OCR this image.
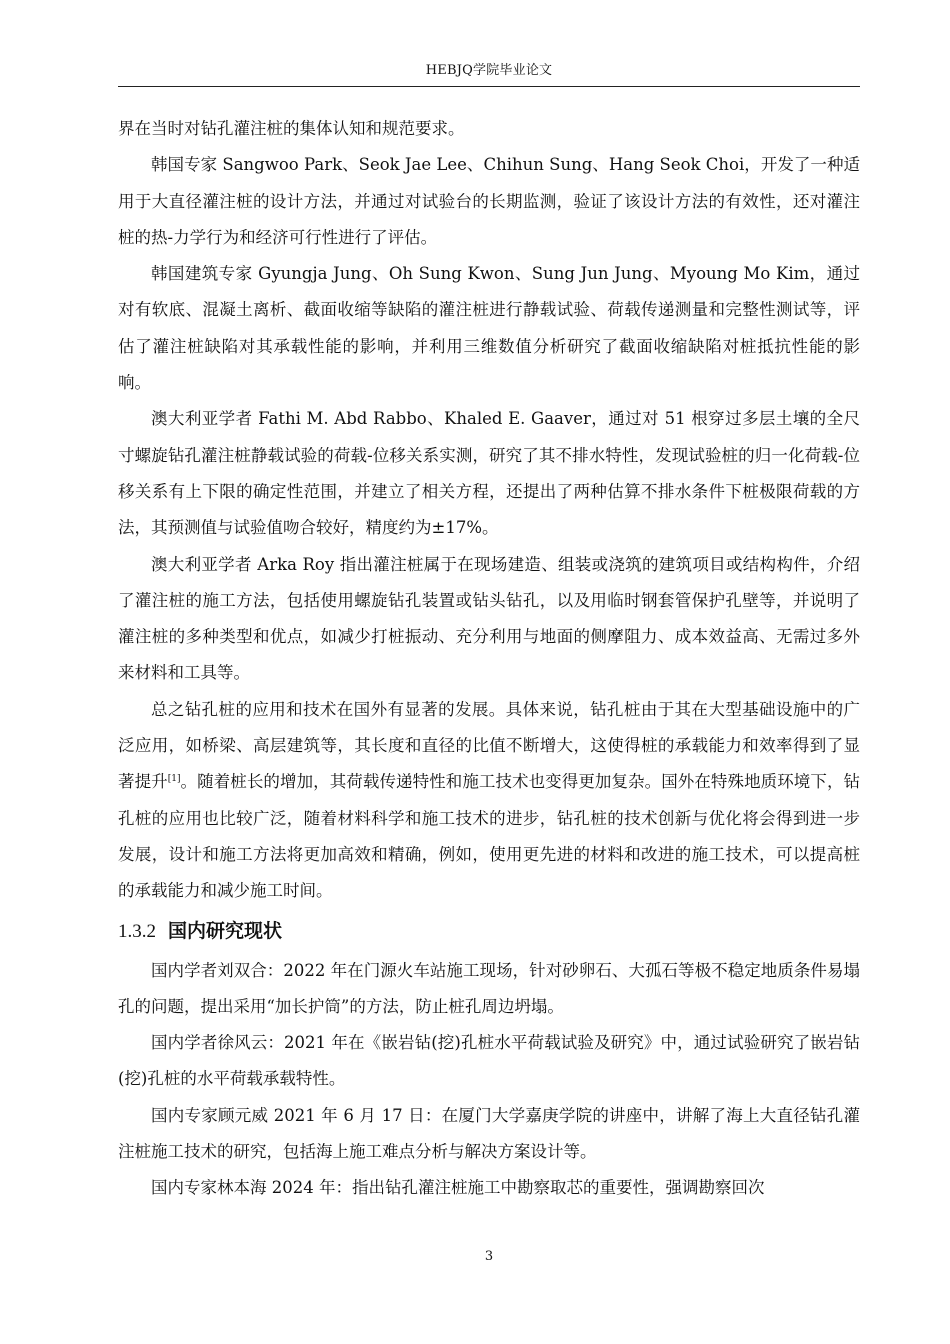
HEBJQ学院毕业论文

界在当时对钻孔灌注桩的集体认知和规范要求。

韩国专家 Sangwoo Park、Seok Jae Lee、Chihun Sung、Hang Seok Choi，开发了一种适用于大直径灌注桩的设计方法，并通过对试验台的长期监测，验证了该设计方法的有效性，还对灌注桩的热-力学行为和经济可行性进行了评估。

韩国建筑专家 Gyungja Jung、Oh Sung Kwon、Sung Jun Jung、Myoung Mo Kim，通过对有软底、混凝土离析、截面收缩等缺陷的灌注桩进行静载试验、荷载传递测量和完整性测试等，评估了灌注桩缺陷对其承载性能的影响，并利用三维数值分析研究了截面收缩缺陷对桩抵抗性能的影响。

澳大利亚学者 Fathi M. Abd Rabbo、Khaled E. Gaaver，通过对 51 根穿过多层土壤的全尺寸螺旋钻孔灌注桩静载试验的荷载-位移关系实测，研究了其不排水特性，发现试验桩的归一化荷载-位移关系有上下限的确定性范围，并建立了相关方程，还提出了两种估算不排水条件下桩极限荷载的方法，其预测值与试验值吻合较好，精度约为±17%。

澳大利亚学者 Arka Roy 指出灌注桩属于在现场建造、组装或浇筑的建筑项目或结构构件，介绍了灌注桩的施工方法，包括使用螺旋钻孔装置或钻头钻孔，以及用临时钢套管保护孔壁等，并说明了灌注桩的多种类型和优点，如减少打桩振动、充分利用与地面的侧摩阻力、成本效益高、无需过多外来材料和工具等。

总之钻孔桩的应用和技术在国外有显著的发展。具体来说，钻孔桩由于其在大型基础设施中的广泛应用，如桥梁、高层建筑等，其长度和直径的比值不断增大，这使得桩的承载能力和效率得到了显著提升[1]。随着桩长的增加，其荷载传递特性和施工技术也变得更加复杂。国外在特殊地质环境下，钻孔桩的应用也比较广泛，随着材料科学和施工技术的进步，钻孔桩的技术创新与优化将会得到进一步发展，设计和施工方法将更加高效和精确，例如，使用更先进的材料和改进的施工技术，可以提高桩的承载能力和减少施工时间。

1.3.2 国内研究现状

国内学者刘双合：2022 年在门源火车站施工现场，针对砂卵石、大孤石等极不稳定地质条件易塌孔的问题，提出采用“加长护筒”的方法，防止桩孔周边坍塌。

国内学者徐风云：2021 年在《嵌岩钻(挖)孔桩水平荷载试验及研究》中，通过试验研究了嵌岩钻(挖)孔桩的水平荷载承载特性。

国内专家顾元威 2021 年 6 月 17 日：在厦门大学嘉庚学院的讲座中，讲解了海上大直径钻孔灌注桩施工技术的研究，包括海上施工难点分析与解决方案设计等。

国内专家林本海 2024 年：指出钻孔灌注桩施工中勘察取芯的重要性，强调勘察回次

3
